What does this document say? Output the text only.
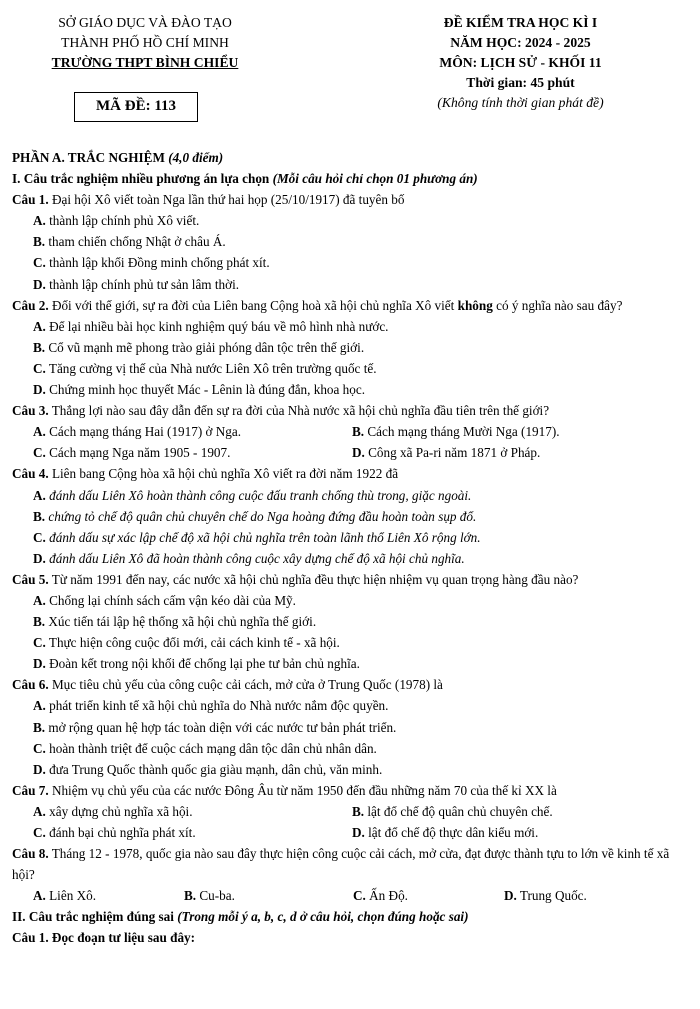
SỞ GIÁO DỤC VÀ ĐÀO TẠO
THÀNH PHỐ HỒ CHÍ MINH
TRƯỜNG THPT BÌNH CHIỂU
MÃ ĐỀ: 113
ĐỀ KIỂM TRA HỌC KÌ I
NĂM HỌC: 2024 - 2025
MÔN: LỊCH SỬ - KHỐI 11
Thời gian: 45 phút
(Không tính thời gian phát đề)
PHẦN A. TRẮC NGHIỆM (4,0 điểm)
I. Câu trắc nghiệm nhiều phương án lựa chọn (Mỗi câu hỏi chỉ chọn 01 phương án)
Câu 1. Đại hội Xô viết toàn Nga lần thứ hai họp (25/10/1917) đã tuyên bố
A. thành lập chính phủ Xô viết.
B. tham chiến chống Nhật ở châu Á.
C. thành lập khối Đồng minh chống phát xít.
D. thành lập chính phủ tư sản lâm thời.
Câu 2. Đối với thế giới, sự ra đời của Liên bang Cộng hoà xã hội chủ nghĩa Xô viết không có ý nghĩa nào sau đây?
A. Để lại nhiều bài học kinh nghiệm quý báu về mô hình nhà nước.
B. Cổ vũ mạnh mẽ phong trào giải phóng dân tộc trên thế giới.
C. Tăng cường vị thế của Nhà nước Liên Xô trên trường quốc tế.
D. Chứng minh học thuyết Mác - Lênin là đúng đắn, khoa học.
Câu 3. Thắng lợi nào sau đây dẫn đến sự ra đời của Nhà nước xã hội chủ nghĩa đầu tiên trên thế giới?
A. Cách mạng tháng Hai (1917) ở Nga.	B. Cách mạng tháng Mười Nga (1917).
C. Cách mạng Nga năm 1905 - 1907.	D. Công xã Pa-ri năm 1871 ở Pháp.
Câu 4. Liên bang Cộng hòa xã hội chủ nghĩa Xô viết ra đời năm 1922 đã
A. đánh dấu Liên Xô hoàn thành công cuộc đấu tranh chống thù trong, giặc ngoài.
B. chứng tỏ chế độ quân chủ chuyên chế do Nga hoàng đứng đầu hoàn toàn sụp đổ.
C. đánh dấu sự xác lập chế độ xã hội chủ nghĩa trên toàn lãnh thổ Liên Xô rộng lớn.
D. đánh dấu Liên Xô đã hoàn thành công cuộc xây dựng chế độ xã hội chủ nghĩa.
Câu 5. Từ năm 1991 đến nay, các nước xã hội chủ nghĩa đều thực hiện nhiệm vụ quan trọng hàng đầu nào?
A. Chống lại chính sách cấm vận kéo dài của Mỹ.
B. Xúc tiến tái lập hệ thống xã hội chủ nghĩa thế giới.
C. Thực hiện công cuộc đổi mới, cải cách kinh tế - xã hội.
D. Đoàn kết trong nội khối để chống lại phe tư bản chủ nghĩa.
Câu 6. Mục tiêu chủ yếu của công cuộc cải cách, mở cửa ở Trung Quốc (1978) là
A. phát triển kinh tế xã hội chủ nghĩa do Nhà nước nắm độc quyền.
B. mở rộng quan hệ hợp tác toàn diện với các nước tư bản phát triển.
C. hoàn thành triệt để cuộc cách mạng dân tộc dân chủ nhân dân.
D. đưa Trung Quốc thành quốc gia giàu mạnh, dân chủ, văn minh.
Câu 7. Nhiệm vụ chủ yếu của các nước Đông Âu từ năm 1950 đến đầu những năm 70 của thế kỉ XX là
A. xây dựng chủ nghĩa xã hội.	B. lật đổ chế độ quân chủ chuyên chế.
C. đánh bại chủ nghĩa phát xít.	D. lật đổ chế độ thực dân kiểu mới.
Câu 8. Tháng 12 - 1978, quốc gia nào sau đây thực hiện công cuộc cải cách, mở cửa, đạt được thành tựu to lớn về kinh tế xã hội?
A. Liên Xô.	B. Cu-ba.	C. Ấn Độ.	D. Trung Quốc.
II. Câu trắc nghiệm đúng sai (Trong mỗi ý a, b, c, d ở câu hỏi, chọn đúng hoặc sai)
Câu 1. Đọc đoạn tư liệu sau đây:
